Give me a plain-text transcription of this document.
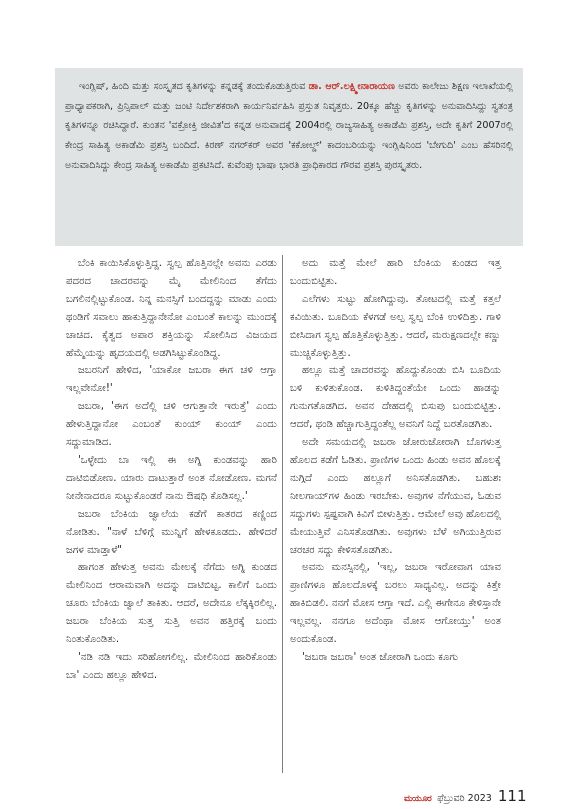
ಇಂಗ್ಲಿಷ್, ಹಿಂದಿ ಮತ್ತು ಸಂಸ್ಕೃತದ ಕೃತಿಗಳನ್ನು ಕನ್ನಡಕ್ಕೆ ತಂದುಕೊಡುತ್ತಿರುವ ಡಾ. ಆರ್.ಲಕ್ಷ್ಮೀನಾರಾಯಣ ಅವರು ಕಾಲೇಜು ಶಿಕ್ಷಣ ಇಲಾಖೆಯಲ್ಲಿ ಪ್ರಾಧ್ಯಾಪಕರಾಗಿ, ಪ್ರಿನ್ಸಿಪಾಲ್ ಮತ್ತು ಜಂಟಿ ನಿರ್ದೇಶಕರಾಗಿ ಕಾರ್ಯನಿರ್ವಹಿಸಿ ಪ್ರಸ್ತುತ ನಿವೃತ್ತರು. 20ಕ್ಕೂ ಹೆಚ್ಚು ಕೃತಿಗಳನ್ನು ಅನುವಾದಿಸಿದ್ದು ಸ್ವತಂತ್ರ ಕೃತಿಗಳನ್ನೂ ರಚಿಸಿದ್ದಾರೆ. ಕುಂತನ 'ವಕ್ರೋಕ್ತಿ ಜೀವಿತ'ದ ಕನ್ನಡ ಅನುವಾದಕ್ಕೆ 2004ರಲ್ಲಿ ರಾಜ್ಯಸಾಹಿತ್ಯ ಅಕಾಡೆಮಿ ಪ್ರಶಸ್ತಿ, ಅದೇ ಕೃತಿಗೆ 2007ರಲ್ಲಿ ಕೇಂದ್ರ ಸಾಹಿತ್ಯ ಅಕಾಡೆಮಿ ಪ್ರಶಸ್ತಿ ಬಂದಿದೆ. ಕಿರಣ್ ನಗರ್‌ಕರ್ ಅವರ 'ಕಕೋಲ್ಡ್' ಕಾದಂಬರಿಯನ್ನು ಇಂಗ್ಲಿಷಿನಿಂದ 'ಬೇಗುದಿ' ಎಂಬ ಹೆಸರಿನಲ್ಲಿ ಅನುವಾದಿಸಿದ್ದು ಕೇಂದ್ರ ಸಾಹಿತ್ಯ ಅಕಾಡೆಮಿ ಪ್ರಕಟಿಸಿದೆ. ಕುವೆಂಪು ಭಾಷಾ ಭಾರತಿ ಪ್ರಾಧಿಕಾರದ ಗೌರವ ಪ್ರಶಸ್ತಿ ಪುರಸ್ಕೃತರು.

ಬೆಂಕಿ ಕಾಯಿಸಿಕೊಳ್ಳುತ್ತಿದ್ದ. ಸ್ವಲ್ಪ ಹೊತ್ತಿನಲ್ಲೇ ಅವನು ಎರಡು ಪದರದ ಚಾದರವನ್ನು ಮೈ ಮೇಲಿನಿಂದ ತೆಗೆದು ಬಗಲಿನಲ್ಲಿಟ್ಟುಕೊಂಡ. ನಿನ್ನ ಮನಸ್ಸಿಗೆ ಬಂದದ್ದನ್ನು ಮಾಡು ಎಂದು ಥಂಡಿಗೆ ಸವಾಲು ಹಾಕುತ್ತಿದ್ದಾನೇನೋ ಎಂಬಂತೆ ಕಾಲನ್ನು ಮುಂದಕ್ಕೆ ಚಾಚಿದ. ಕೈತ್ವದ ಅಪಾರ ಶಕ್ತಿಯನ್ನು ಸೋಲಿಸಿದ ವಿಜಯದ ಹೆಮ್ಮೆಯನ್ನು ಹೃದಯದಲ್ಲಿ ಅಡಗಿಸಿಟ್ಟುಕೊಂಡಿದ್ದ.

ಜಬರನಿಗೆ ಹೇಳಿದ, 'ಯಾಕೋ ಜಬರಾ ಈಗ ಚಳಿ ಆಗ್ತಾ ಇಲ್ಲವೇನೋ!'

ಜಬರಾ, 'ಈಗ ಅದೆಲ್ಲಿ ಚಳಿ ಆಗುತ್ತಾನೇ ಇರುತ್ತೆ' ಎಂದು ಹೇಳುತ್ತಿದ್ದಾನೋ ಎಂಬಂತೆ ಕುಂಯ್ ಕುಂಯ್ ಎಂದು ಸದ್ದುಮಾಡಿದ.

'ಒಳ್ಳೇದು ಬಾ ಇಲ್ಲಿ ಈ ಅಗ್ನಿ ಕುಂಡವನ್ನು ಹಾರಿ ದಾಟಿಬಿಡೋಣ. ಯಾರು ದಾಟುತ್ತಾರೆ ಅಂತ ನೋಡೋಣ. ಮಗನೆ ನೀನೇನಾದರೂ ಸುಟ್ಟುಕೊಂಡರೆ ನಾನು ಔಷಧಿ ಕೊಡಿಸಲ್ಲ.'

ಜಬರಾ ಬೆಂಕಿಯ ಜ್ವಾಲೆಯ ಕಡೆಗೆ ಕಾತರದ ಕಣ್ಣಿಂದ ನೋಡಿತು. "ನಾಳೆ ಬೆಳಿಗ್ಗೆ ಮುನ್ನಿಗೆ ಹೇಳಕೂಡದು. ಹೇಳಿದರೆ ಜಗಳ ಮಾಡ್ತಾಳೆ"

ಹಾಗಂತ ಹೇಳುತ್ತ ಅವನು ಮೇಲಕ್ಕೆ ನೆಗೆದು ಅಗ್ನಿ ಕುಂಡದ ಮೇಲಿನಿಂದ ಆರಾಮವಾಗಿ ಅದನ್ನು ದಾಟಿಬಿಟ್ಟ. ಕಾಲಿಗೆ ಒಂದು ಚೂರು ಬೆಂಕಿಯ ಜ್ವಾಲೆ ತಾಕಿತು. ಆದರೆ, ಅದೇನೂ ಲೆಕ್ಕಕ್ಕಿರಲಿಲ್ಲ. ಜಬರಾ ಬೆಂಕಿಯ ಸುತ್ತ ಸುತ್ತಿ ಅವನ ಹತ್ತಿರಕ್ಕೆ ಬಂದು ನಿಂತುಕೊಂಡಿತು.

'ನಡಿ ನಡಿ ಇದು ಸರಿಹೋಗಲಿಲ್ಲ. ಮೇಲಿನಿಂದ ಹಾರಿಕೊಂಡು ಬಾ' ಎಂದು ಹಲ್ಲೂ ಹೇಳಿದ.

ಅದು ಮತ್ತೆ ಮೇಲೆ ಹಾರಿ ಬೆಂಕಿಯ ಕುಂಡದ ಇತ್ತ ಬಂದುಬಿಟ್ಟಿತು.

ಎಲೆಗಳು ಸುಟ್ಟು ಹೋಗಿದ್ದುವು. ತೋಟದಲ್ಲಿ ಮತ್ತೆ ಕತ್ತಲೆ ಕವಿಯಿತು. ಬೂದಿಯ ಕೆಳಗಡೆ ಅಲ್ಪ ಸ್ವಲ್ಪ ಬೆಂಕಿ ಉಳಿದಿತ್ತು. ಗಾಳಿ ಬೀಸಿದಾಗ ಸ್ವಲ್ಪ ಹೊತ್ತಿಕೊಳ್ಳುತ್ತಿತ್ತು. ಆದರೆ, ಮರುಕ್ಷಣದಲ್ಲೇ ಕಣ್ಣು ಮುಚ್ಚಿಕೊಳ್ಳುತ್ತಿತ್ತು.

ಹಲ್ಲೂ ಮತ್ತೆ ಚಾದರವನ್ನು ಹೊದ್ದುಕೊಂಡು ಬಿಸಿ ಬೂದಿಯ ಬಳಿ ಕುಳಿತುಕೊಂಡ. ಕುಳಿತಿದ್ದಂತೆಯೇ ಒಂದು ಹಾಡನ್ನು ಗುನುಗತೊಡಗಿದ. ಅವನ ದೇಹದಲ್ಲಿ ಬಿಸುಪು ಬಂದುಬಿಟ್ಟಿತ್ತು. ಆದರೆ, ಥಂಡಿ ಹೆಚ್ಚಾಗುತ್ತಿದ್ದಂತೆಲ್ಲ ಅವನಿಗೆ ನಿದ್ದೆ ಬರತೊಡಗಿತು.

ಅದೇ ಸಮಯದಲ್ಲಿ ಜಬರಾ ಜೋರುಜೋರಾಗಿ ಬೊಗಳುತ್ತ ಹೊಲದ ಕಡೆಗೆ ಓಡಿತು. ಪ್ರಾಣಿಗಳ ಒಂದು ಹಿಂಡು ಅವನ ಹೊಲಕ್ಕೆ ನುಗ್ಗಿದೆ ಎಂದು ಹಲ್ಲೂಗೆ ಅನಿಸತೊಡಗಿತು. ಬಹುಶಃ ನೀಲಗಾಯ್‌ಗಳ ಹಿಂಡು ಇರಬೇಕು. ಅವುಗಳ ನೆಗೆಯುವ, ಓಡುವ ಸದ್ದುಗಳು ಸ್ಪಷ್ಟವಾಗಿ ಕಿವಿಗೆ ಬೀಳುತ್ತಿತ್ತು. ಆಮೇಲೆ ಅವು ಹೊಲದಲ್ಲಿ ಮೇಯುತ್ತಿವೆ ಎನಿಸತೊಡಗಿತು. ಅವುಗಳು ಬೆಳೆ ಅಗಿಯುತ್ತಿರುವ ಚರಚರ ಸದ್ದು ಕೇಳಿಸತೊಡಗಿತು.

ಅವನು ಮನಸ್ಸಿನಲ್ಲಿ, 'ಇಲ್ಲ, ಜಬರಾ ಇರೋವಾಗ ಯಾವ ಪ್ರಾಣಿಗಳೂ ಹೊಲದೊಳಕ್ಕೆ ಬರಲು ಸಾಧ್ಯವಿಲ್ಲ. ಅದನ್ನು ಕಿತ್ತೇ ಹಾಕಿಬಿಡಲಿ. ನನಗೆ ಮೋಸ ಆಗ್ತಾ ಇದೆ. ಎಲ್ಲಿ ಈಗೇನೂ ಕೇಳಿಸ್ತಾನೇ ಇಲ್ಲವಲ್ಲ. ನನಗೂ ಅದೆಂಥಾ ಮೋಸ ಆಗೋಯ್ತು' ಅಂತ ಅಂದುಕೊಂಡ.

'ಜಬರಾ ಜಬರಾ' ಅಂತ ಜೋರಾಗಿ ಒಂದು ಕೂಗು

ಮಯೂರ ಫೆಬ್ರುವರಿ 2023 111
